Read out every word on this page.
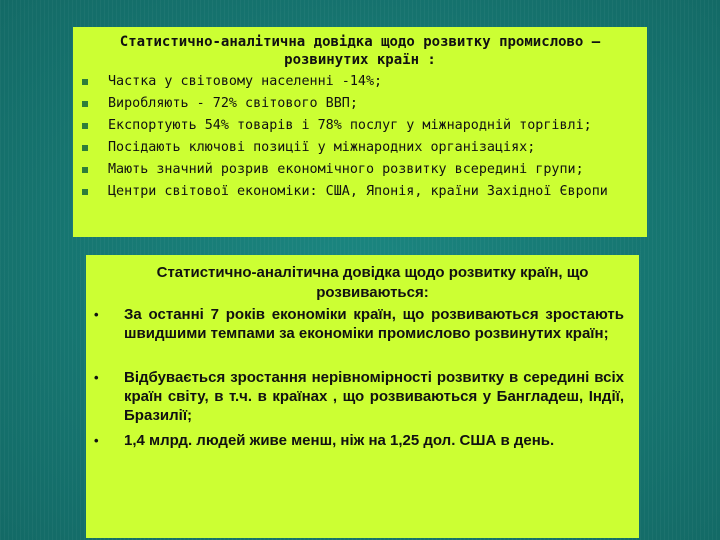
Статистично-аналітична довідка щодо розвитку промислово – розвинутих країн :
Частка у світовому населенні -14%;
Виробляють - 72% світового ВВП;
Експортують 54% товарів і 78% послуг у міжнародній торгівлі;
Посідають ключові позиції у міжнародних організаціях;
Мають значний розрив економічного розвитку всередині групи;
Центри світової економіки: США, Японія, країни Західної Європи
Статистично-аналітична довідка щодо розвитку країн, що розвиваються:
•	За останні 7 років економіки країн, що розвиваються зростають швидшими темпами за економіки промислово розвинутих країн;
•	Відбувається зростання нерівномірності розвитку в середині всіх країн світу, в т.ч. в країнах , що розвиваються у Бангладеш, Індії, Бразилії;
•	1,4 млрд. людей живе менш, ніж на 1,25 дол. США в день.
